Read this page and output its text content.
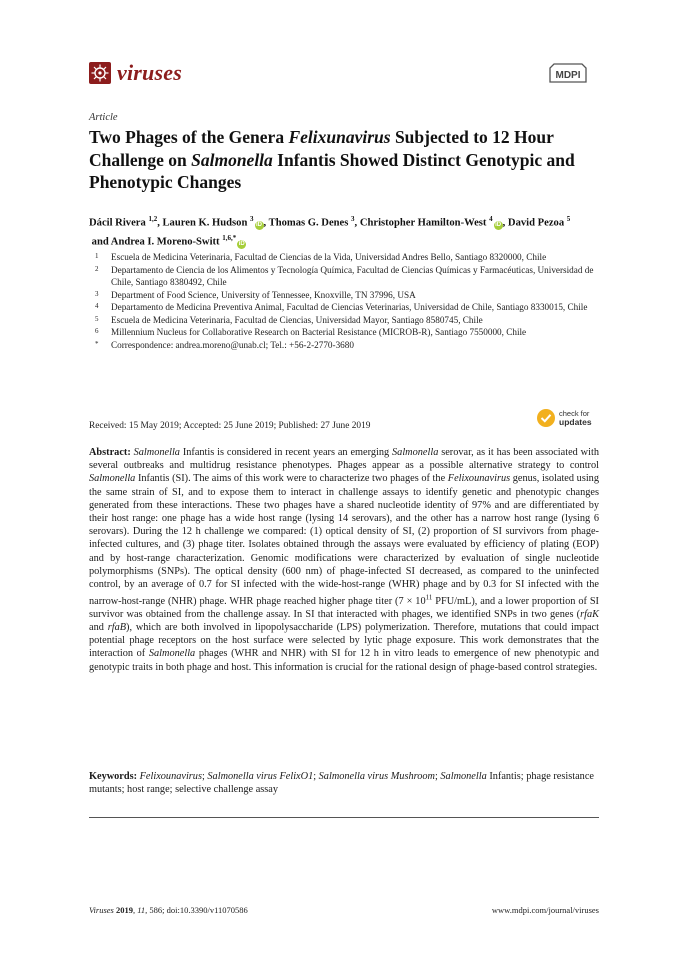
viruses	MDPI
Article
Two Phages of the Genera Felixunavirus Subjected to 12 Hour Challenge on Salmonella Infantis Showed Distinct Genotypic and Phenotypic Changes
Dácil Rivera $^{1,2}$, Lauren K. Hudson $^3$iD , Thomas G. Denes $^3$, Christopher Hamilton-West $^4$iD , David Pezoa $^5$ and Andrea I. Moreno-Switt $^{1,6,*}$iD
1 Escuela de Medicina Veterinaria, Facultad de Ciencias de la Vida, Universidad Andres Bello, Santiago 8320000, Chile
2 Departamento de Ciencia de los Alimentos y Tecnología Química, Facultad de Ciencias Químicas y Farmacéuticas, Universidad de Chile, Santiago 8380492, Chile
3 Department of Food Science, University of Tennessee, Knoxville, TN 37996, USA
4 Departamento de Medicina Preventiva Animal, Facultad de Ciencias Veterinarias, Universidad de Chile, Santiago 8330015, Chile
5 Escuela de Medicina Veterinaria, Facultad de Ciencias, Universidad Mayor, Santiago 8580745, Chile
6 Millennium Nucleus for Collaborative Research on Bacterial Resistance (MICROB-R), Santiago 7550000, Chile
* Correspondence: andrea.moreno@unab.cl; Tel.: +56-2-2770-3680
Received: 15 May 2019; Accepted: 25 June 2019; Published: 27 June 2019
check for
updates
Abstract: Salmonella Infantis is considered in recent years an emerging Salmonella serovar, as it has been associated with several outbreaks and multidrug resistance phenotypes. Phages appear as a possible alternative strategy to control Salmonella Infantis (SI). The aims of this work were to characterize two phages of the Felixounavirus genus, isolated using the same strain of SI, and to expose them to interact in challenge assays to identify genetic and phenotypic changes generated from these interactions. These two phages have a shared nucleotide identity of 97% and are differentiated by their host range: one phage has a wide host range (lysing 14 serovars), and the other has a narrow host range (lysing 6 serovars). During the 12 h challenge we compared: (1) optical density of SI, (2) proportion of SI survivors from phage-infected cultures, and (3) phage titer. Isolates obtained through the assays were evaluated by efficiency of plating (EOP) and by host-range characterization. Genomic modifications were characterized by evaluation of single nucleotide polymorphisms (SNPs). The optical density (600 nm) of phage-infected SI decreased, as compared to the uninfected control, by an average of 0.7 for SI infected with the wide-host-range (WHR) phage and by 0.3 for SI infected with the narrow-host-range (NHR) phage. WHR phage reached higher phage titer ($7 \times 10^{11}$ PFU/mL), and a lower proportion of SI survivor was obtained from the challenge assay. In SI that interacted with phages, we identified SNPs in two genes (rfaK and rfaB), which are both involved in lipopolysaccharide (LPS) polymerization. Therefore, mutations that could impact potential phage receptors on the host surface were selected by lytic phage exposure. This work demonstrates that the interaction of Salmonella phages (WHR and NHR) with SI for 12 h in vitro leads to emergence of new phenotypic and genotypic traits in both phage and host. This information is crucial for the rational design of phage-based control strategies.
Keywords: Felixounavirus; Salmonella virus FelixO1; Salmonella virus Mushroom; Salmonella Infantis; phage resistance mutants; host range; selective challenge assay
Viruses 2019, 11, 586; doi:10.3390/v11070586	www.mdpi.com/journal/viruses
